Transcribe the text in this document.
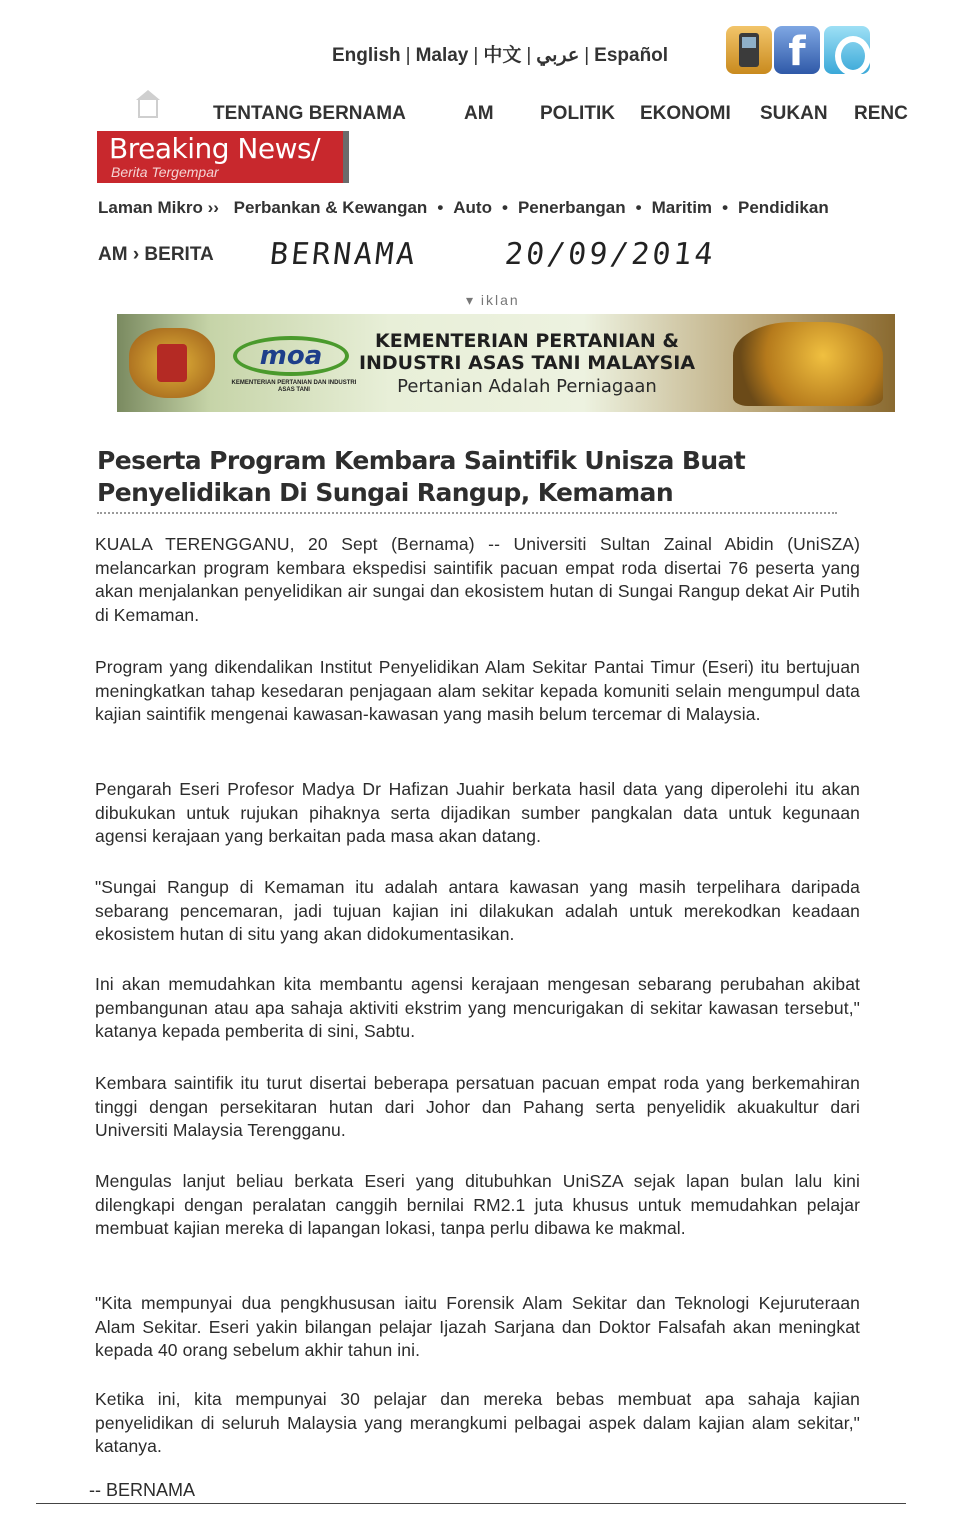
English | Malay | 中文 | عربي | Español	f
TENTANG BERNAMA	AM POLITIK EKONOMI SUKAN RENC
Breaking News/
Berita Tergempar
Laman Mikro ›› Perbankan & Kewangan • Auto • Penerbangan • Maritim • Pendidikan
AM › BERITA BERNAMA	20/09/2014
▾ iklan
moa
KEMENTERIAN PERTANIAN DAN INDUSTRI ASAS TANI
KEMENTERIAN PERTANIAN &
INDUSTRI ASAS TANI MALAYSIA
Pertanian Adalah Perniagaan
Peserta Program Kembara Saintifik Unisza Buat
Penyelidikan Di Sungai Rangup, Kemaman

KUALA TERENGGANU, 20 Sept (Bernama) -- Universiti Sultan Zainal Abidin (UniSZA) melancarkan program kembara ekspedisi saintifik pacuan empat roda disertai 76 peserta yang akan menjalankan penyelidikan air sungai dan ekosistem hutan di Sungai Rangup dekat Air Putih di Kemaman.

Program yang dikendalikan Institut Penyelidikan Alam Sekitar Pantai Timur (Eseri) itu bertujuan meningkatkan tahap kesedaran penjagaan alam sekitar kepada komuniti selain mengumpul data kajian saintifik mengenai kawasan-kawasan yang masih belum tercemar di Malaysia.

Pengarah Eseri Profesor Madya Dr Hafizan Juahir berkata hasil data yang diperolehi itu akan dibukukan untuk rujukan pihaknya serta dijadikan sumber pangkalan data untuk kegunaan agensi kerajaan yang berkaitan pada masa akan datang.

"Sungai Rangup di Kemaman itu adalah antara kawasan yang masih terpelihara daripada sebarang pencemaran, jadi tujuan kajian ini dilakukan adalah untuk merekodkan keadaan ekosistem hutan di situ yang akan didokumentasikan.

Ini akan memudahkan kita membantu agensi kerajaan mengesan sebarang perubahan akibat pembangunan atau apa sahaja aktiviti ekstrim yang mencurigakan di sekitar kawasan tersebut," katanya kepada pemberita di sini, Sabtu.

Kembara saintifik itu turut disertai beberapa persatuan pacuan empat roda yang berkemahiran tinggi dengan persekitaran hutan dari Johor dan Pahang serta penyelidik akuakultur dari Universiti Malaysia Terengganu.

Mengulas lanjut beliau berkata Eseri yang ditubuhkan UniSZA sejak lapan bulan lalu kini dilengkapi dengan peralatan canggih bernilai RM2.1 juta khusus untuk memudahkan pelajar membuat kajian mereka di lapangan lokasi, tanpa perlu dibawa ke makmal.

"Kita mempunyai dua pengkhususan iaitu Forensik Alam Sekitar dan Teknologi Kejuruteraan Alam Sekitar. Eseri yakin bilangan pelajar Ijazah Sarjana dan Doktor Falsafah akan meningkat kepada 40 orang sebelum akhir tahun ini.

Ketika ini, kita mempunyai 30 pelajar dan mereka bebas membuat apa sahaja kajian penyelidikan di seluruh Malaysia yang merangkumi pelbagai aspek dalam kajian alam sekitar," katanya.

-- BERNAMA
